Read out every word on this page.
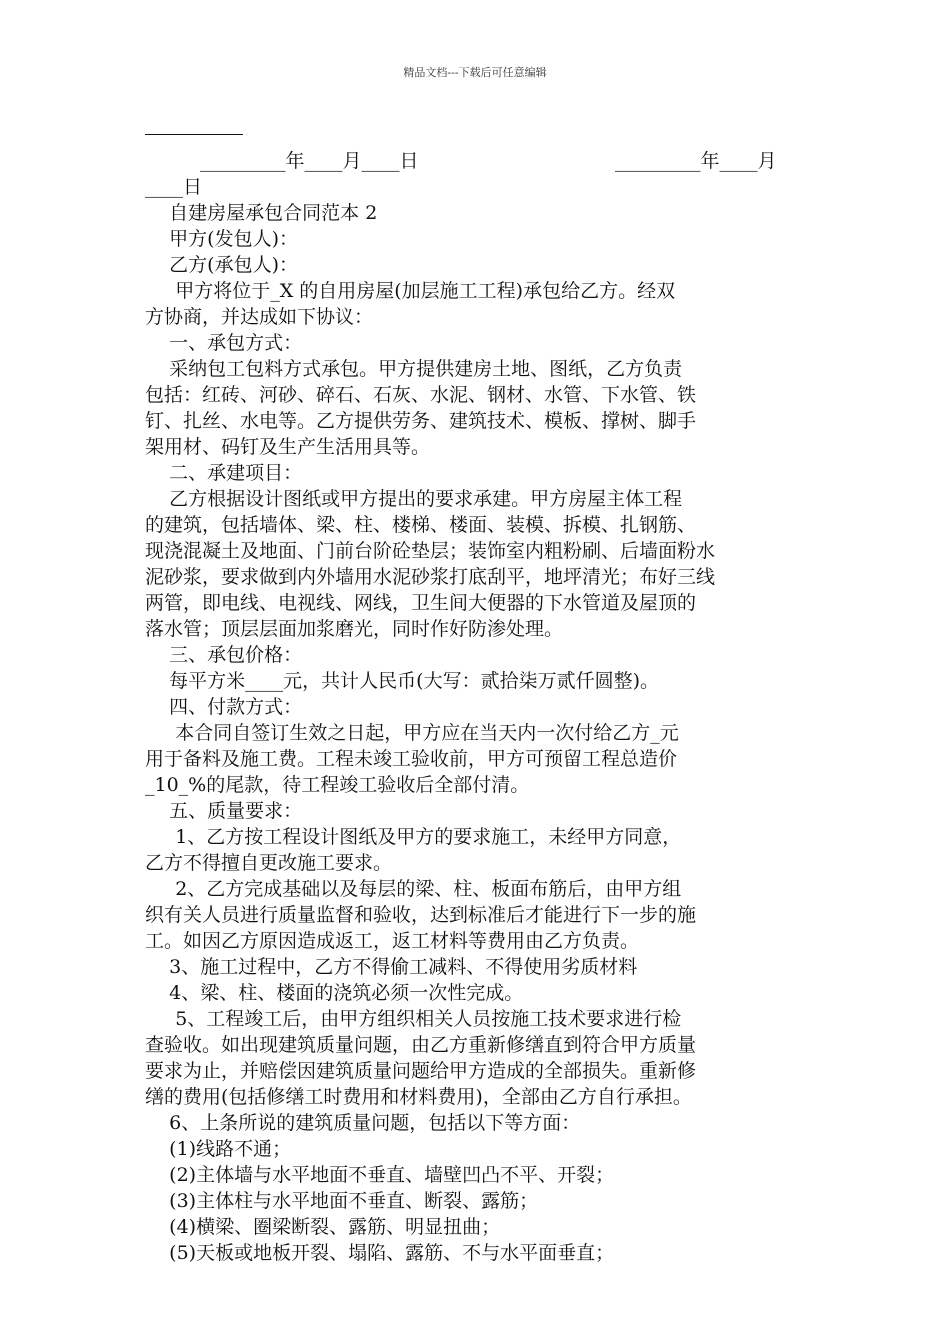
精品文档---下载后可任意编辑
_________年____月____日	_________年____月
____日
自建房屋承包合同范本 2
甲方(发包人)：
乙方(承包人)：
甲方将位于_X 的自用房屋(加层施工工程)承包给乙方。经双
方协商，并达成如下协议：
一、承包方式：
采纳包工包料方式承包。甲方提供建房土地、图纸，乙方负责
包括：红砖、河砂、碎石、石灰、水泥、钢材、水管、下水管、铁
钉、扎丝、水电等。乙方提供劳务、建筑技术、模板、撑树、脚手
架用材、码钉及生产生活用具等。
二、承建项目：
乙方根据设计图纸或甲方提出的要求承建。甲方房屋主体工程
的建筑，包括墙体、梁、柱、楼梯、楼面、装模、拆模、扎钢筋、
现浇混凝土及地面、门前台阶砼垫层；装饰室内粗粉刷、后墙面粉水
泥砂浆，要求做到内外墙用水泥砂浆打底刮平，地坪清光；布好三线
两管，即电线、电视线、网线，卫生间大便器的下水管道及屋顶的
落水管；顶层层面加浆磨光，同时作好防渗处理。
三、承包价格：
每平方米____元，共计人民币(大写：贰拾柒万贰仟圆整)。
四、付款方式：
本合同自签订生效之日起，甲方应在当天内一次付给乙方_元
用于备料及施工费。工程未竣工验收前，甲方可预留工程总造价
_10_%的尾款，待工程竣工验收后全部付清。
五、质量要求：
1、乙方按工程设计图纸及甲方的要求施工，未经甲方同意，
乙方不得擅自更改施工要求。
2、乙方完成基础以及每层的梁、柱、板面布筋后，由甲方组
织有关人员进行质量监督和验收，达到标准后才能进行下一步的施
工。如因乙方原因造成返工，返工材料等费用由乙方负责。
3、施工过程中，乙方不得偷工减料、不得使用劣质材料
4、梁、柱、楼面的浇筑必须一次性完成。
5、工程竣工后，由甲方组织相关人员按施工技术要求进行检
查验收。如出现建筑质量问题，由乙方重新修缮直到符合甲方质量
要求为止，并赔偿因建筑质量问题给甲方造成的全部损失。重新修
缮的费用(包括修缮工时费用和材料费用)，全部由乙方自行承担。
6、上条所说的建筑质量问题，包括以下等方面：
(1)线路不通；
(2)主体墙与水平地面不垂直、墙壁凹凸不平、开裂；
(3)主体柱与水平地面不垂直、断裂、露筋；
(4)横梁、圈梁断裂、露筋、明显扭曲；
(5)天板或地板开裂、塌陷、露筋、不与水平面垂直；
